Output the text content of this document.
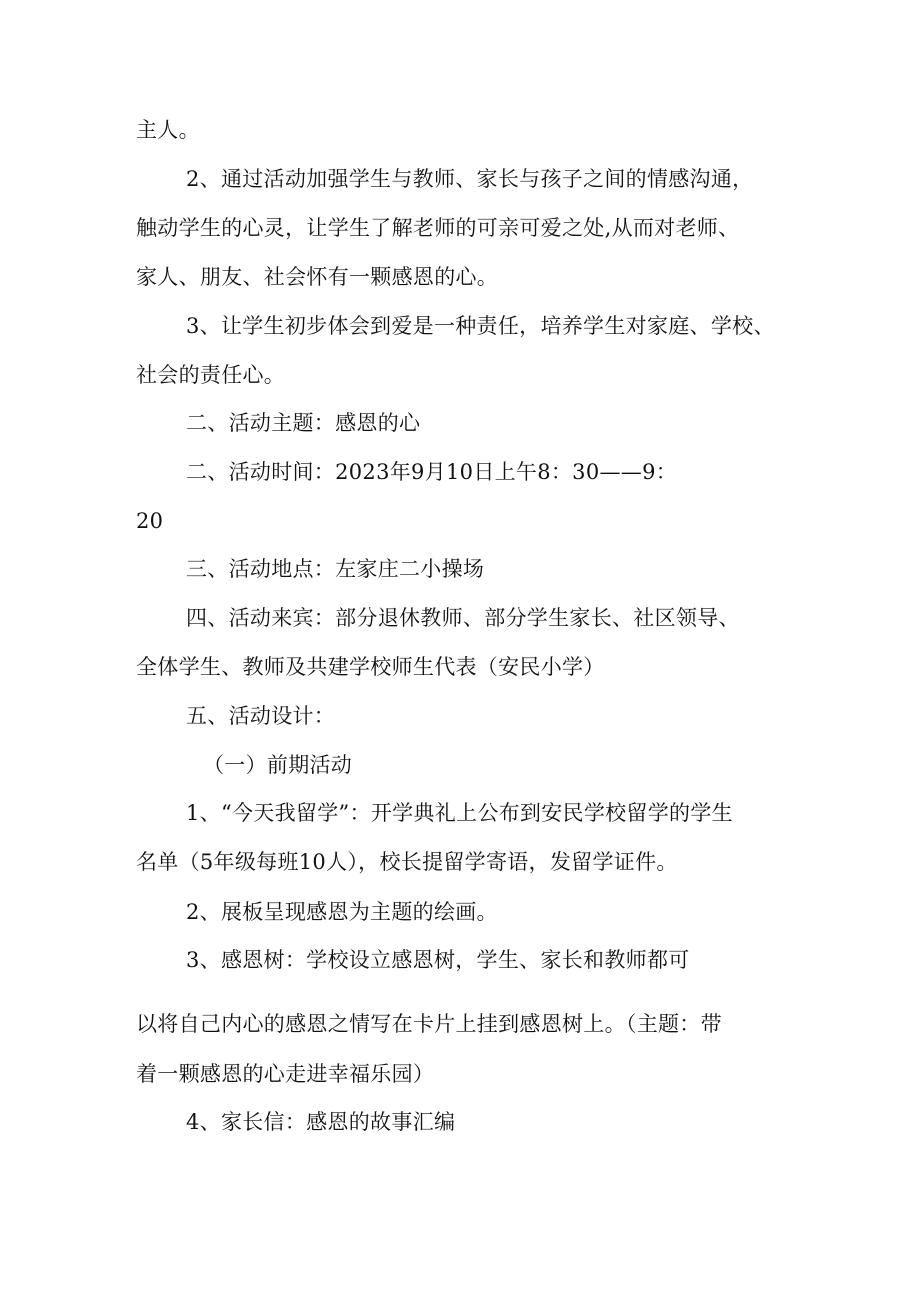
主人。
2、通过活动加强学生与教师、家长与孩子之间的情感沟通，
触动学生的心灵，让学生了解老师的可亲可爱之处,从而对老师、
家人、朋友、社会怀有一颗感恩的心。
3、让学生初步体会到爱是一种责任，培养学生对家庭、学校、
社会的责任心。
二、活动主题：感恩的心
二、活动时间：2023年9月10日上午8：30——9：
20
三、活动地点：左家庄二小操场
四、活动来宾：部分退休教师、部分学生家长、社区领导、
全体学生、教师及共建学校师生代表（安民小学）
五、活动设计：
（一）前期活动
1、“今天我留学”：开学典礼上公布到安民学校留学的学生
名单（5年级每班10人），校长提留学寄语，发留学证件。
2、展板呈现感恩为主题的绘画。
3、感恩树：学校设立感恩树，学生、家长和教师都可
以将自己内心的感恩之情写在卡片上挂到感恩树上。（主题：带
着一颗感恩的心走进幸福乐园）
4、家长信：感恩的故事汇编
